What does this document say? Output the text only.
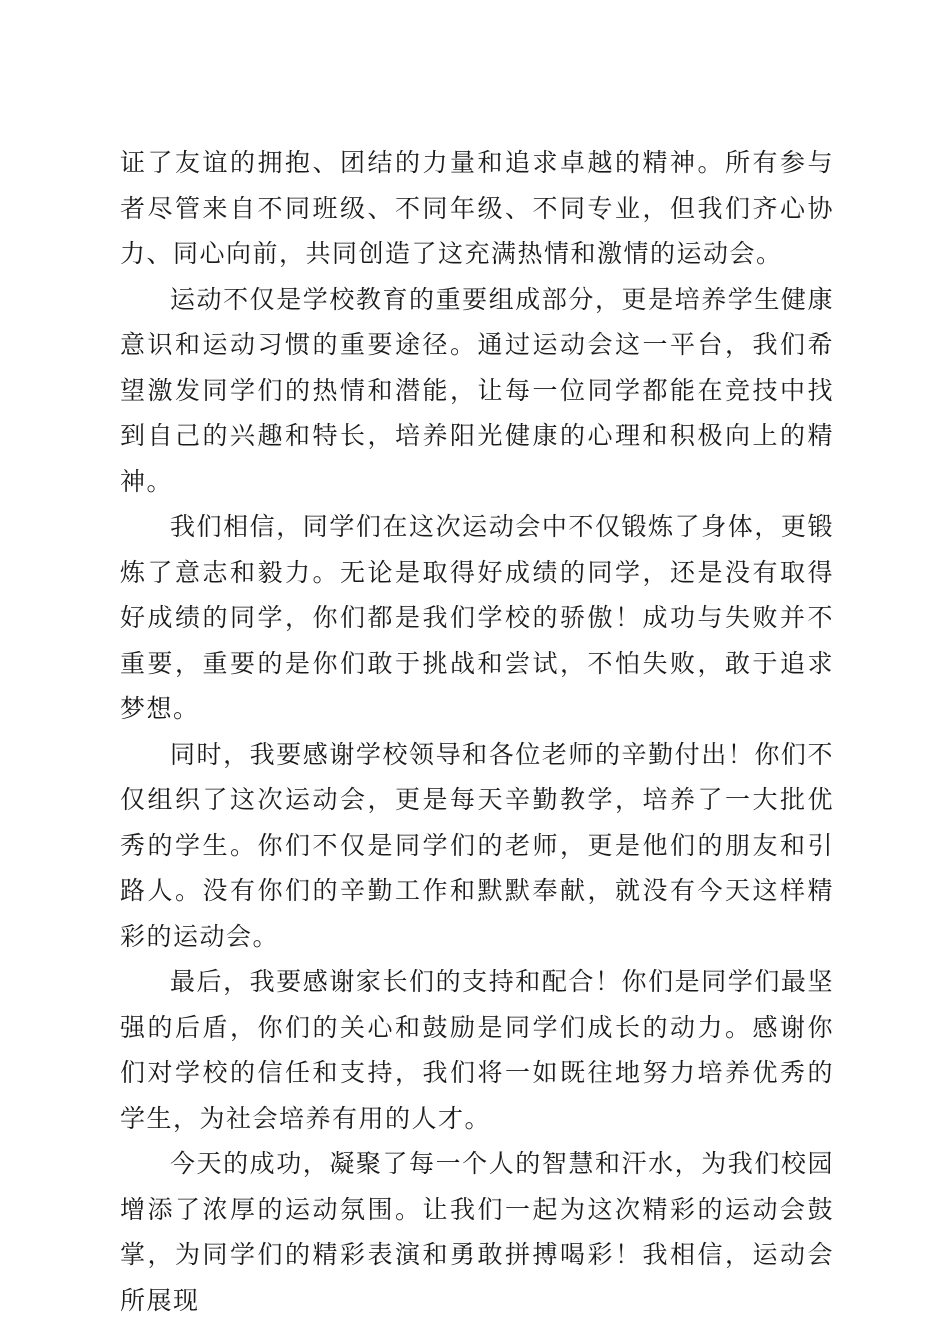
证了友谊的拥抱、团结的力量和追求卓越的精神。所有参与者尽管来自不同班级、不同年级、不同专业，但我们齐心协力、同心向前，共同创造了这充满热情和激情的运动会。

运动不仅是学校教育的重要组成部分，更是培养学生健康意识和运动习惯的重要途径。通过运动会这一平台，我们希望激发同学们的热情和潜能，让每一位同学都能在竞技中找到自己的兴趣和特长，培养阳光健康的心理和积极向上的精神。

我们相信，同学们在这次运动会中不仅锻炼了身体，更锻炼了意志和毅力。无论是取得好成绩的同学，还是没有取得好成绩的同学，你们都是我们学校的骄傲！成功与失败并不重要，重要的是你们敢于挑战和尝试，不怕失败，敢于追求梦想。

同时，我要感谢学校领导和各位老师的辛勤付出！你们不仅组织了这次运动会，更是每天辛勤教学，培养了一大批优秀的学生。你们不仅是同学们的老师，更是他们的朋友和引路人。没有你们的辛勤工作和默默奉献，就没有今天这样精彩的运动会。

最后，我要感谢家长们的支持和配合！你们是同学们最坚强的后盾，你们的关心和鼓励是同学们成长的动力。感谢你们对学校的信任和支持，我们将一如既往地努力培养优秀的学生，为社会培养有用的人才。

今天的成功，凝聚了每一个人的智慧和汗水，为我们校园增添了浓厚的运动氛围。让我们一起为这次精彩的运动会鼓掌，为同学们的精彩表演和勇敢拼搏喝彩！我相信，运动会所展现
